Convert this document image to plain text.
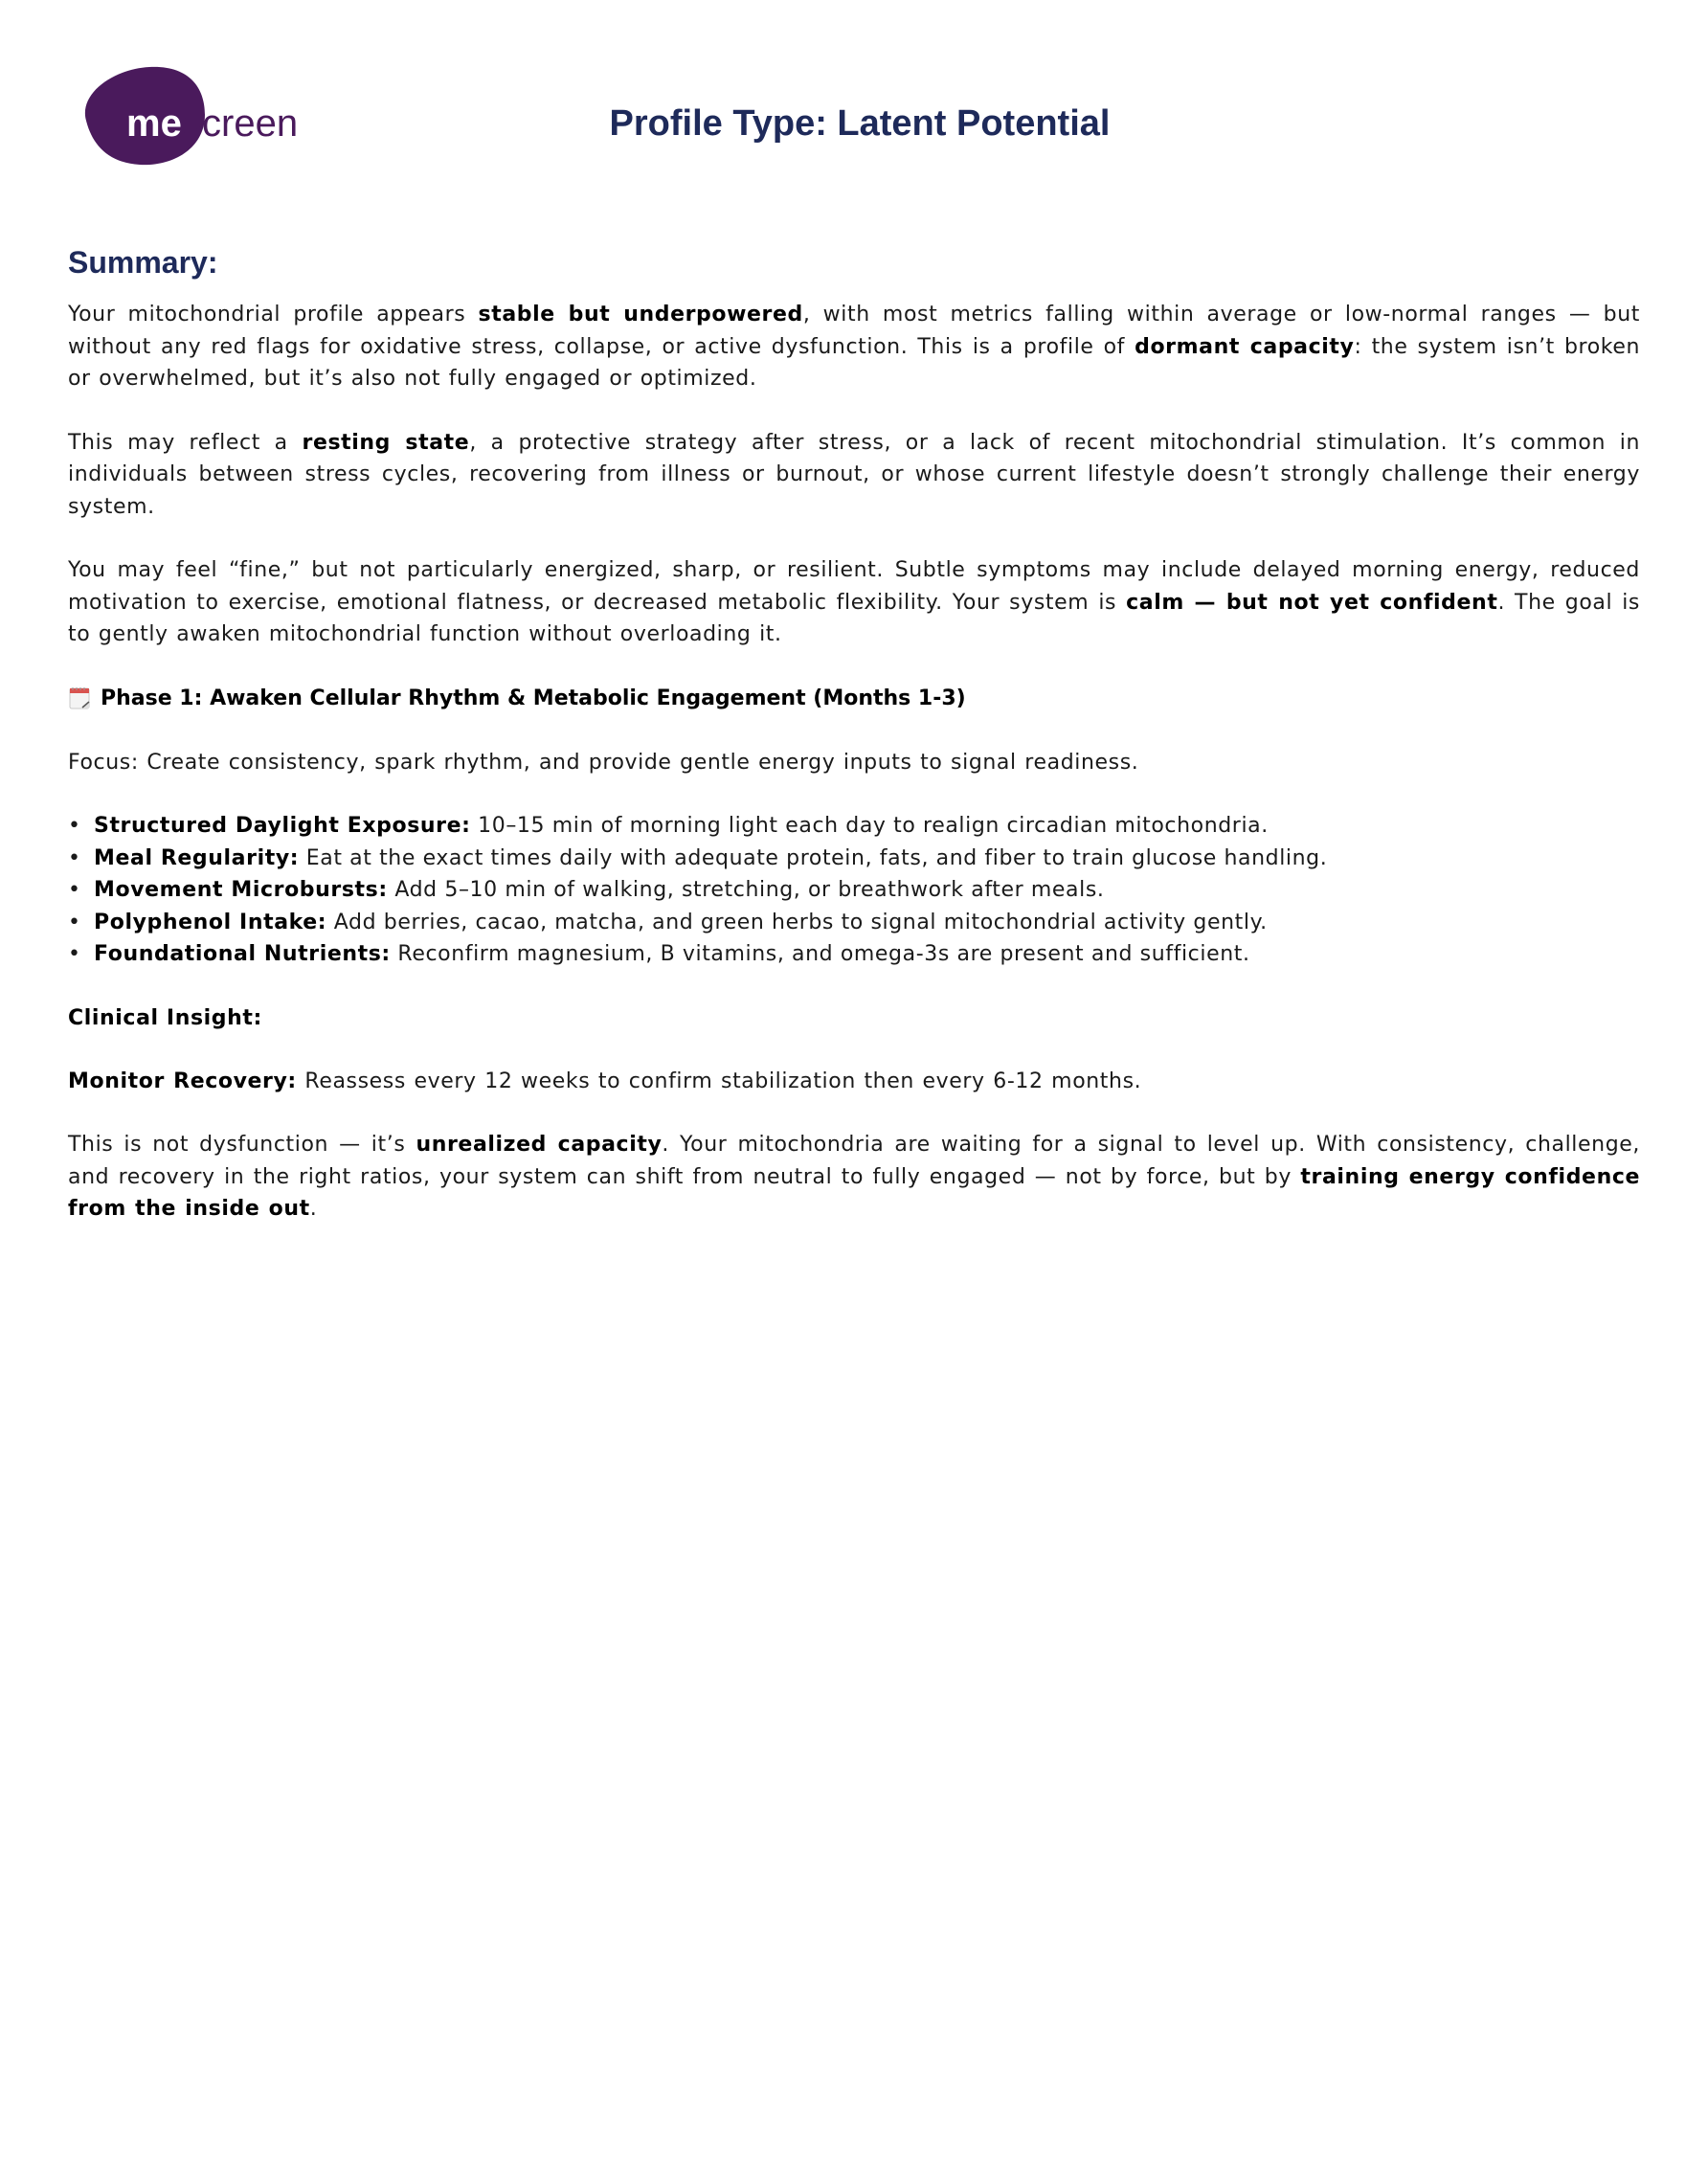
me screen	Profile Type: Latent Potential
Summary:

Your mitochondrial profile appears stable but underpowered, with most metrics falling within average or low-normal ranges — but without any red flags for oxidative stress, collapse, or active dysfunction. This is a profile of dormant capacity: the system isn’t broken or overwhelmed, but it’s also not fully engaged or optimized.

This may reflect a resting state, a protective strategy after stress, or a lack of recent mitochondrial stimulation. It’s common in individuals between stress cycles, recovering from illness or burnout, or whose current lifestyle doesn’t strongly challenge their energy system.

You may feel “fine,” but not particularly energized, sharp, or resilient. Subtle symptoms may include delayed morning energy, reduced motivation to exercise, emotional flatness, or decreased metabolic flexibility. Your system is calm — but not yet confident. The goal is to gently awaken mitochondrial function without overloading it.

Phase 1: Awaken Cellular Rhythm & Metabolic Engagement (Months 1-3)

Focus: Create consistency, spark rhythm, and provide gentle energy inputs to signal readiness.

• Structured Daylight Exposure: 10–15 min of morning light each day to realign circadian mitochondria.
• Meal Regularity: Eat at the exact times daily with adequate protein, fats, and fiber to train glucose handling.
• Movement Microbursts: Add 5–10 min of walking, stretching, or breathwork after meals.
• Polyphenol Intake: Add berries, cacao, matcha, and green herbs to signal mitochondrial activity gently.
• Foundational Nutrients: Reconfirm magnesium, B vitamins, and omega-3s are present and sufficient.
Clinical Insight:

Monitor Recovery: Reassess every 12 weeks to confirm stabilization then every 6-12 months.

This is not dysfunction — it’s unrealized capacity. Your mitochondria are waiting for a signal to level up. With consistency, challenge, and recovery in the right ratios, your system can shift from neutral to fully engaged — not by force, but by training energy confidence from the inside out.
